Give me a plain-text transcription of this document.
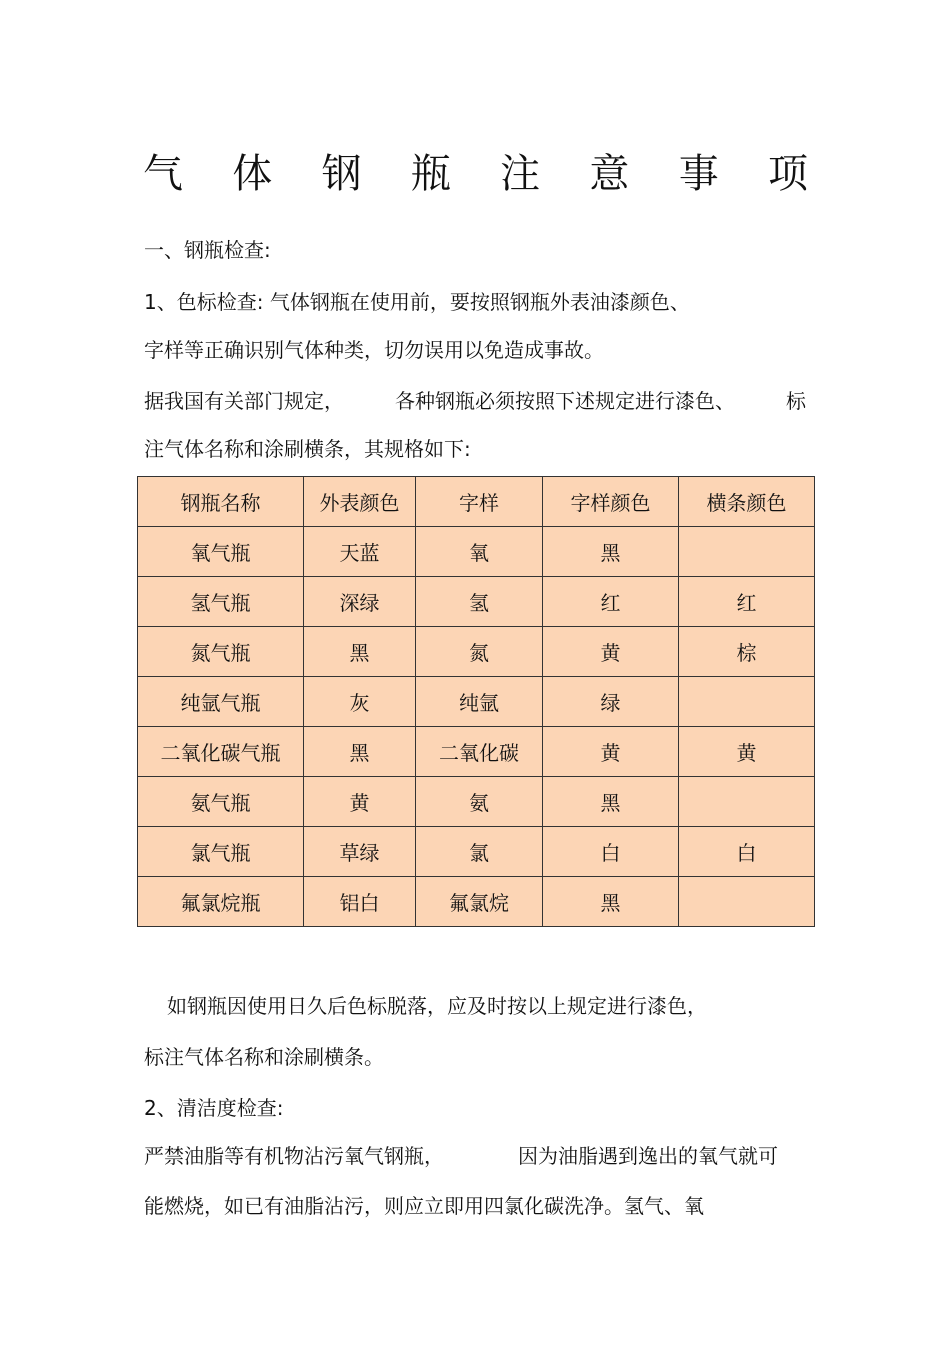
气 体 钢 瓶 注 意 事 项
一、钢瓶检查:
1、色标检查: 气体钢瓶在使用前，要按照钢瓶外表油漆颜色、
字样等正确识别气体种类，切勿误用以免造成事故。
据我国有关部门规定，	各种钢瓶必须按照下述规定进行漆色、	标
注气体名称和涂刷横条，其规格如下:
钢瓶名称	外表颜色	字样	字样颜色	横条颜色
氧气瓶	天蓝	氧	黑	
氢气瓶	深绿	氢	红	红
氮气瓶	黑	氮	黄	棕
纯氩气瓶	灰	纯氩	绿	
二氧化碳气瓶	黑	二氧化碳	黄	黄
氨气瓶	黄	氨	黑	
氯气瓶	草绿	氯	白	白
氟氯烷瓶	铝白	氟氯烷	黑	
如钢瓶因使用日久后色标脱落，应及时按以上规定进行漆色，
标注气体名称和涂刷横条。
2、清洁度检查:
严禁油脂等有机物沾污氧气钢瓶，	因为油脂遇到逸出的氧气就可
能燃烧，如已有油脂沾污，则应立即用四氯化碳洗净。氢气、氧
